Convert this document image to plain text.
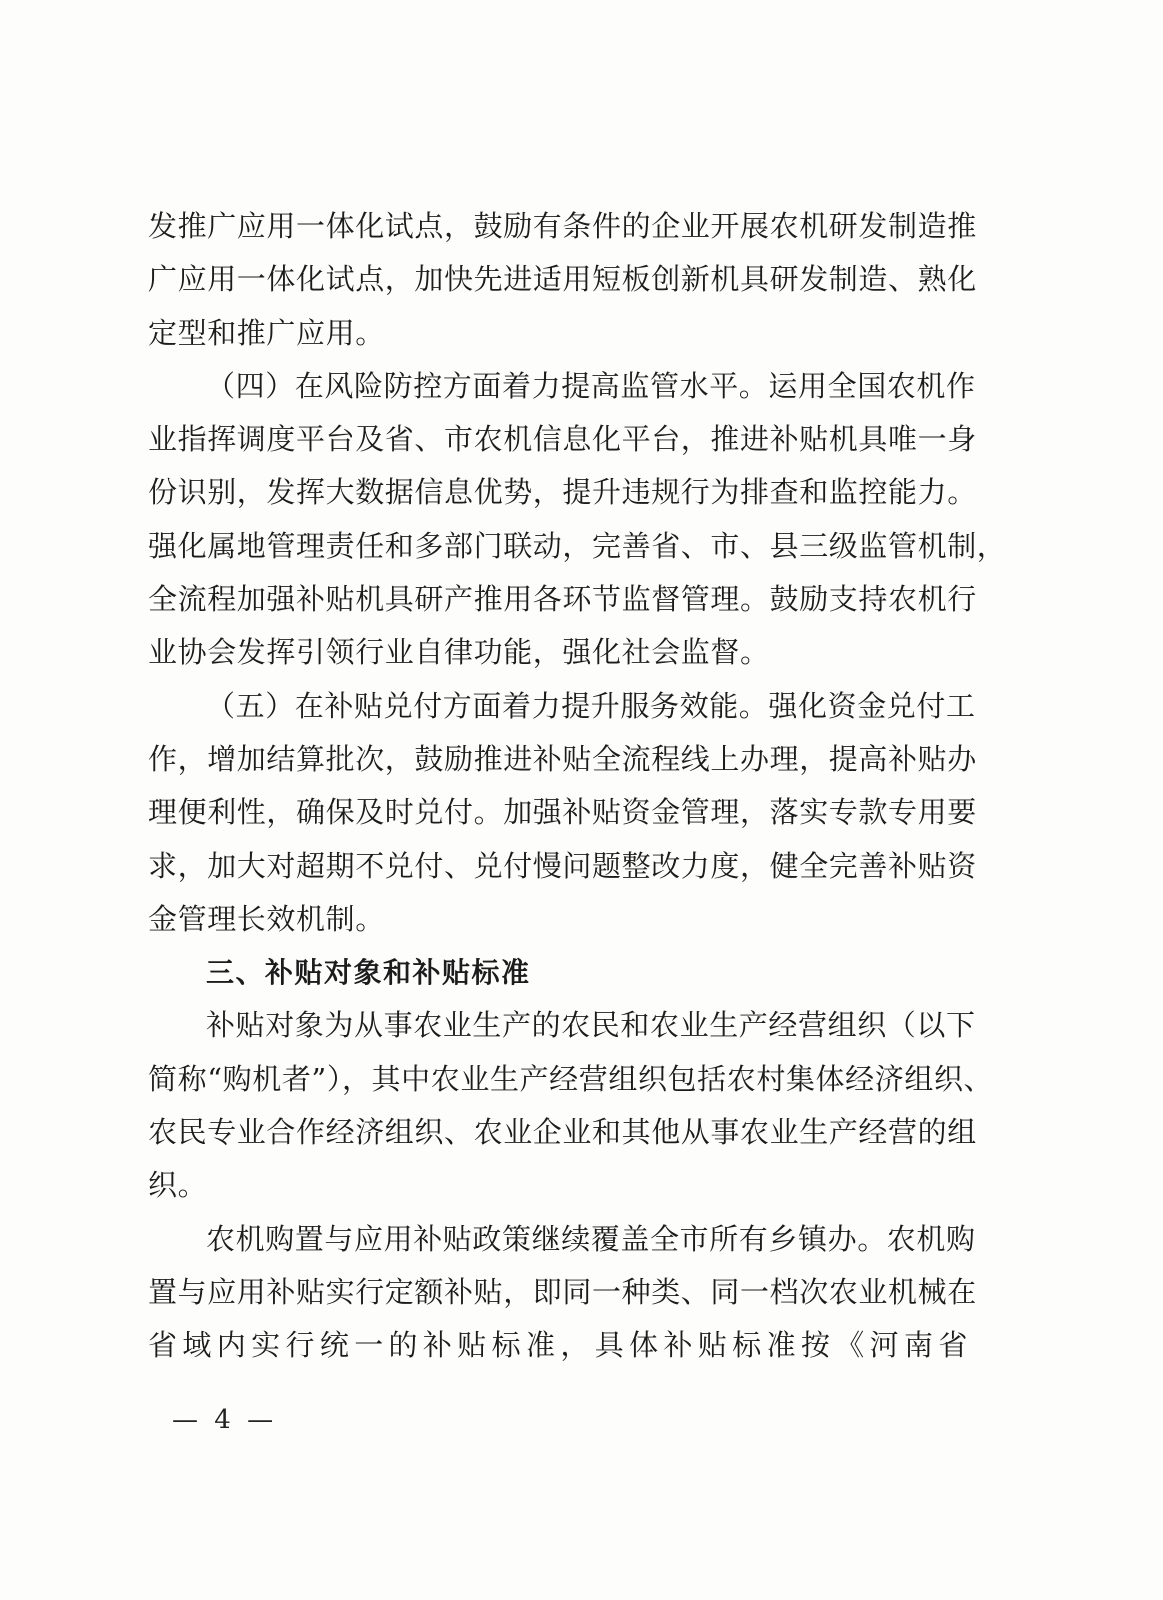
发推广应用一体化试点，鼓励有条件的企业开展农机研发制造推
广应用一体化试点，加快先进适用短板创新机具研发制造、熟化
定型和推广应用。
（四）在风险防控方面着力提高监管水平。运用全国农机作
业指挥调度平台及省、市农机信息化平台，推进补贴机具唯一身
份识别，发挥大数据信息优势，提升违规行为排查和监控能力。
强化属地管理责任和多部门联动，完善省、市、县三级监管机制，
全流程加强补贴机具研产推用各环节监督管理。鼓励支持农机行
业协会发挥引领行业自律功能，强化社会监督。
（五）在补贴兑付方面着力提升服务效能。强化资金兑付工
作，增加结算批次，鼓励推进补贴全流程线上办理，提高补贴办
理便利性，确保及时兑付。加强补贴资金管理，落实专款专用要
求，加大对超期不兑付、兑付慢问题整改力度，健全完善补贴资
金管理长效机制。
三、补贴对象和补贴标准
补贴对象为从事农业生产的农民和农业生产经营组织（以下
简称“购机者”），其中农业生产经营组织包括农村集体经济组织、
农民专业合作经济组织、农业企业和其他从事农业生产经营的组
织。
农机购置与应用补贴政策继续覆盖全市所有乡镇办。农机购
置与应用补贴实行定额补贴，即同一种类、同一档次农业机械在
省域内实行统一的补贴标准，具体补贴标准按《河南省
— 4 —
